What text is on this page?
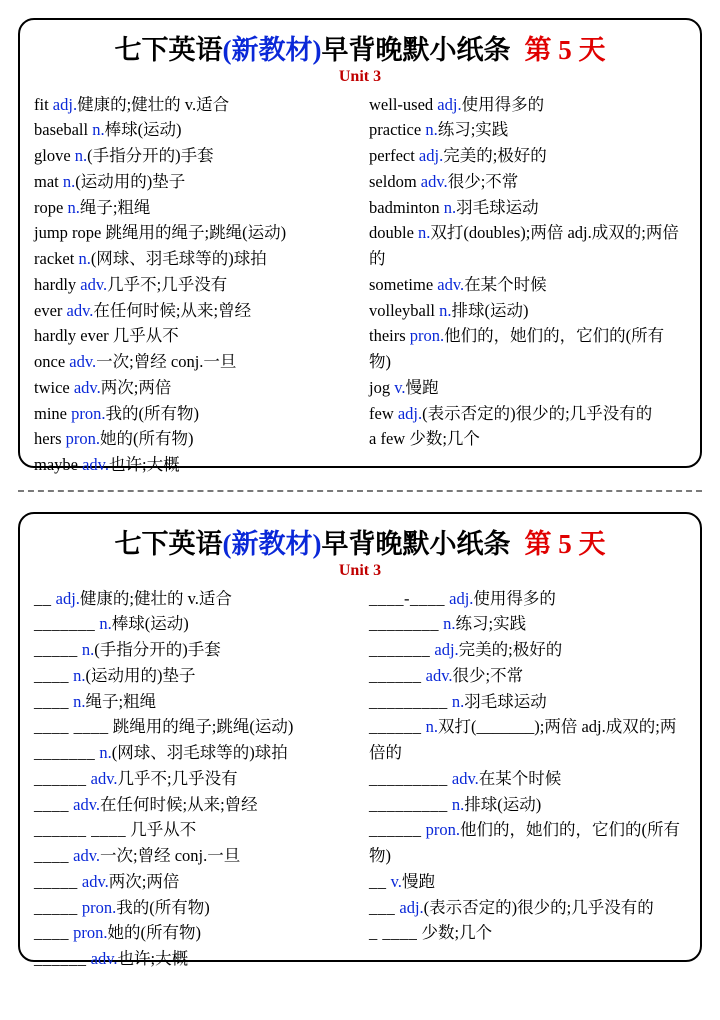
七下英语(新教材)早背晚默小纸条 第 5 天
Unit 3
fit adj.健康的;健壮的 v.适合
baseball n.棒球(运动)
glove n.(手指分开的)手套
mat n.(运动用的)垫子
rope n.绳子;粗绳
jump rope 跳绳用的绳子;跳绳(运动)
racket n.(网球、羽毛球等的)球拍
hardly adv.几乎不;几乎没有
ever adv.在任何时候;从来;曾经
hardly ever 几乎从不
once adv.一次;曾经 conj.一旦
twice adv.两次;两倍
mine pron.我的(所有物)
hers pron.她的(所有物)
maybe adv.也许;大概
well-used adj.使用得多的
practice n.练习;实践
perfect adj.完美的;极好的
seldom adv.很少;不常
badminton n.羽毛球运动
double n.双打(doubles);两倍 adj.成双的;两倍的
sometime adv.在某个时候
volleyball n.排球(运动)
theirs pron.他们的，她们的，它们的(所有物)
jog v.慢跑
few adj.(表示否定的)很少的;几乎没有的
a few 少数;几个
七下英语(新教材)早背晚默小纸条 第 5 天
Unit 3
__ adj.健康的;健壮的 v.适合
_______ n.棒球(运动)
_____ n.(手指分开的)手套
____ n.(运动用的)垫子
____ n.绳子;粗绳
____ ____ 跳绳用的绳子;跳绳(运动)
_______ n.(网球、羽毛球等的)球拍
______ adv.几乎不;几乎没有
____ adv.在任何时候;从来;曾经
______ ____ 几乎从不
____ adv.一次;曾经 conj.一旦
_____ adv.两次;两倍
_____ pron.我的(所有物)
____ pron.她的(所有物)
______ adv.也许;大概
____-____ adj.使用得多的
________ n.练习;实践
_______ adj.完美的;极好的
______ adv.很少;不常
_________ n.羽毛球运动
______ n.双打(_______);两倍 adj.成双的;两倍的
_________ adv.在某个时候
_________ n.排球(运动)
______ pron.他们的，她们的，它们的(所有物)
__ v.慢跑
___ adj.(表示否定的)很少的;几乎没有的
_ ____ 少数;几个
